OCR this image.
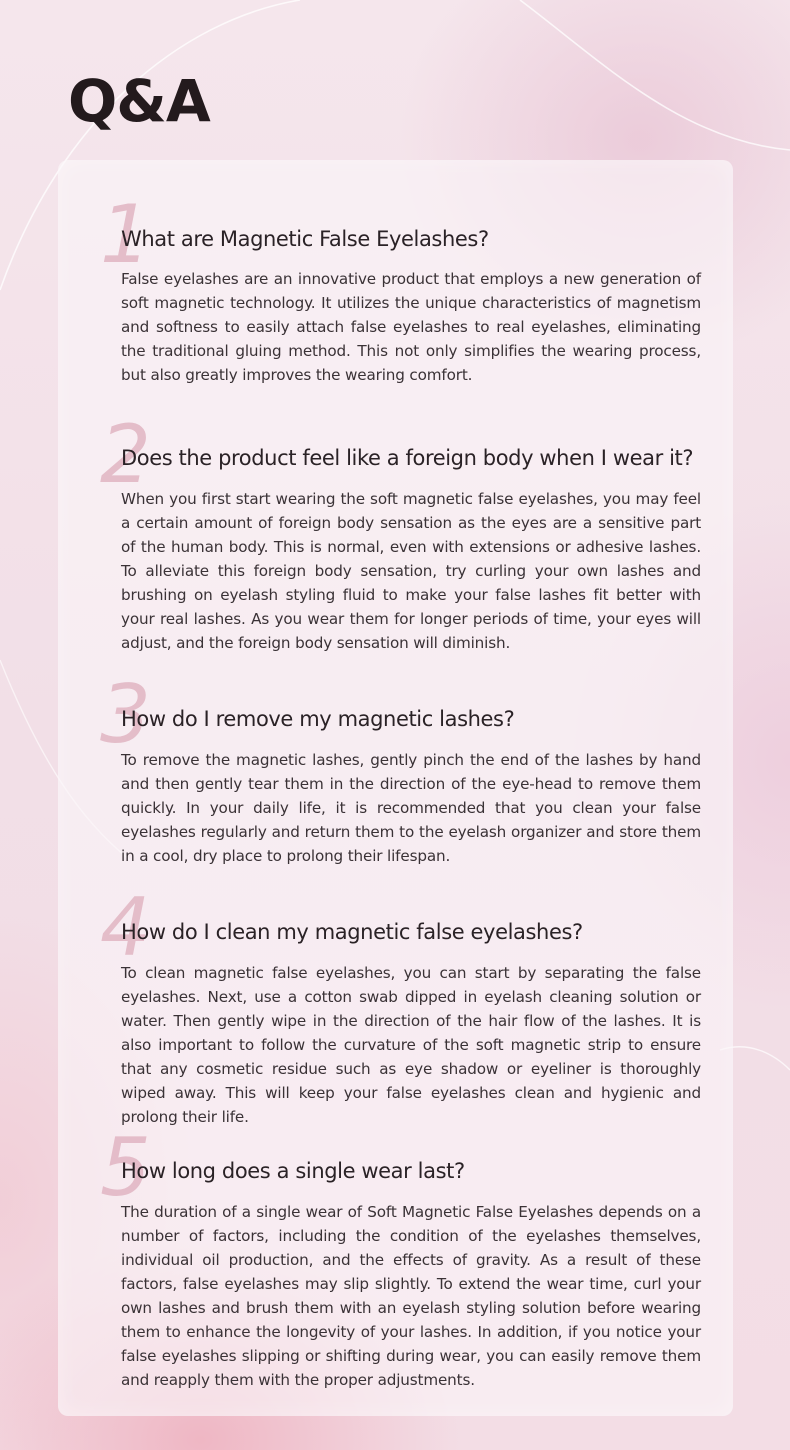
Q&A
1
What are Magnetic False Eyelashes?

False eyelashes are an innovative product that employs a new generation of soft magnetic technology. It utilizes the unique characteristics of magnetism and softness to easily attach false eyelashes to real eyelashes, eliminating the traditional gluing method. This not only simplifies the wearing process, but also greatly improves the wearing comfort.

2
Does the product feel like a foreign body when I wear it?

When you first start wearing the soft magnetic false eyelashes, you may feel a certain amount of foreign body sensation as the eyes are a sensitive part of the human body. This is normal, even with extensions or adhesive lashes. To alleviate this foreign body sensation, try curling your own lashes and brushing on eyelash styling fluid to make your false lashes fit better with your real lashes. As you wear them for longer periods of time, your eyes will adjust, and the foreign body sensation will diminish.

3
How do I remove my magnetic lashes?

To remove the magnetic lashes, gently pinch the end of the lashes by hand and then gently tear them in the direction of the eye-head to remove them quickly. In your daily life, it is recommended that you clean your false eyelashes regularly and return them to the eyelash organizer and store them in a cool, dry place to prolong their lifespan.

4
How do I clean my magnetic false eyelashes?

To clean magnetic false eyelashes, you can start by separating the false eyelashes. Next, use a cotton swab dipped in eyelash cleaning solution or water. Then gently wipe in the direction of the hair flow of the lashes. It is also important to follow the curvature of the soft magnetic strip to ensure that any cosmetic residue such as eye shadow or eyeliner is thoroughly wiped away. This will keep your false eyelashes clean and hygienic and prolong their life.

5
How long does a single wear last?

The duration of a single wear of Soft Magnetic False Eyelashes depends on a number of factors, including the condition of the eyelashes themselves, individual oil production, and the effects of gravity. As a result of these factors, false eyelashes may slip slightly. To extend the wear time, curl your own lashes and brush them with an eyelash styling solution before wearing them to enhance the longevity of your lashes. In addition, if you notice your false eyelashes slipping or shifting during wear, you can easily remove them and reapply them with the proper adjustments.
